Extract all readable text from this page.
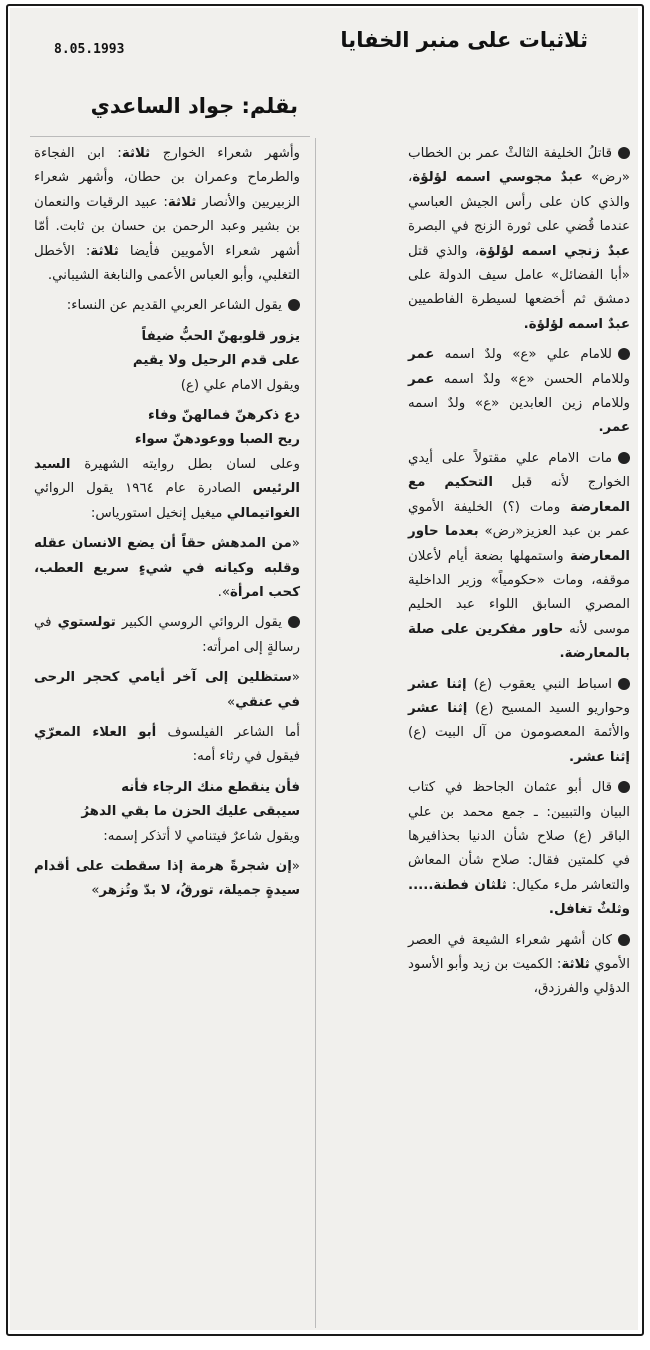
8.05.1993	ثلاثيات على منبر الخفايا
بقلم: جواد الساعدي

قاتلُ الخليفة الثالثْ عمر بن الخطاب «رض» عبدٌ مجوسي اسمه لؤلؤة، والذي كان على رأس الجيش العباسي عندما قُضي على ثورة الزنج في البصرة عبدٌ زنجي اسمه لؤلؤة، والذي قتل «أبا الفضائل» عامل سيف الدولة على دمشق ثم أخضعها لسيطرة الفاطميين عبدٌ اسمه لؤلؤة.

للامام علي «ع» ولدٌ اسمه عمر وللامام الحسن «ع» ولدٌ اسمه عمر وللامام زين العابدين «ع» ولدٌ اسمه عمر.

مات الامام علي مقتولاً على أيدي الخوارج لأنه قبل التحكيم مع المعارضة ومات (؟) الخليفة الأموي عمر بن عبد العزيز«رض» بعدما حاور المعارضة واستمهلها بضعة أيام لأعلان موقفه، ومات «حكومياً» وزير الداخلية المصري السابق اللواء عبد الحليم موسى لأنه حاور مفكرين على صلة بالمعارضة.

اسباط النبي يعقوب (ع) إثنا عشر وحواريو السيد المسيح (ع) إثنا عشر والأئمة المعصومون من آل البيت (ع) إثنا عشر.

قال أبو عثمان الجاحظ في كتاب البيان والتبيين: ـ جمع محمد بن علي الباقر (ع) صلاح شأن الدنيا بحذافيرها في كلمتين فقال: صلاح شأن المعاش والتعاشر ملء مكيال: ثلثان فطنة..... وثلثٌ تغافل.

كان أشهر شعراء الشيعة في العصر الأموي ثلاثة: الكميت بن زيد وأبو الأسود الدؤلي والفرزدق،

وأشهر شعراء الخوارج ثلاثة: ابن الفجاءة والطرماح وعمران بن حطان، وأشهر شعراء الزبيريين والأنصار ثلاثة: عبيد الرقيات والنعمان بن بشير وعبد الرحمن بن حسان بن ثابت. أمّا أشهر شعراء الأمويين فأيضا ثلاثة: الأخطل التغلبي، وأبو العباس الأعمى والنابغة الشيباني.

يقول الشاعر العربي القديم عن النساء:

يزور قلوبهنّ الحبُّ ضيفاً
على قدم الرحيل ولا يقيم

ويقول الامام علي (ع)

دع ذكرهنّ فمالهنّ وفاء
ريح الصبا ووعودهنّ سواء

وعلى لسان بطل روايته الشهيرة السيد الرئيس الصادرة عام ١٩٦٤ يقول الروائي الغواتيمالي ميغيل إنخيل استورياس:

«من المدهش حقاً أن يضع الانسان عقله وقلبه وكيانه في شيءٍ سريع العطب، كحب امرأة».

يقول الروائي الروسي الكبير تولستوي في رسالةٍ إلى امرأته:

«ستظلين إلى آخر أيامي كحجر الرحى في عنقي»

أما الشاعر الفيلسوف أبو العلاء المعرّي فيقول في رثاء أمه:

فأن ينقطع منك الرجاء فأنه
سيبقى عليك الحزن ما بقي الدهرُ

ويقول شاعرٌ فيتنامي لا أتذكر إسمه:

«إن شجرةً هرمة إذا سقطت على أقدام سيدةٍ جميلة، تورقُ، لا بدّ وتُزهر»
